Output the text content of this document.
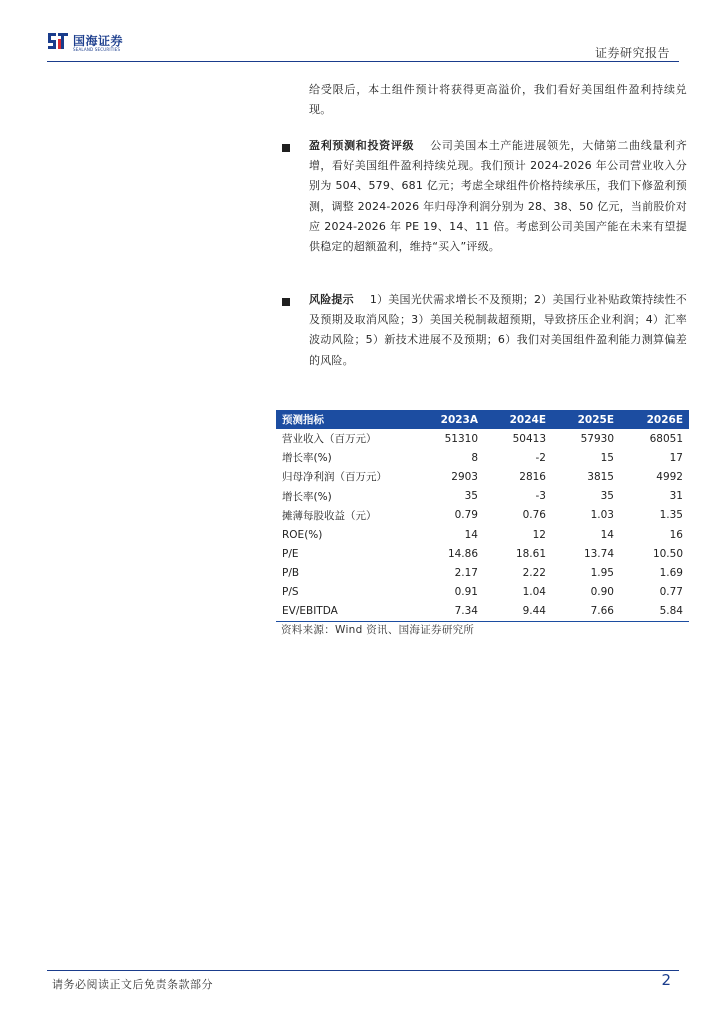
国海证券
SEALAND SECURITIES	证券研究报告
给受限后，本土组件预计将获得更高溢价，我们看好美国组件盈利持续兑现。
盈利预测和投资评级 公司美国本土产能进展领先，大储第二曲线量利齐增，看好美国组件盈利持续兑现。我们预计 2024-2026 年公司营业收入分别为 504、579、681 亿元；考虑全球组件价格持续承压，我们下修盈利预测，调整 2024-2026 年归母净利润分别为 28、38、50 亿元，当前股价对应 2024-2026 年 PE 19、14、11 倍。考虑到公司美国产能在未来有望提供稳定的超额盈利，维持“买入”评级。
风险提示 1）美国光伏需求增长不及预期；2）美国行业补贴政策持续性不及预期及取消风险；3）美国关税制裁超预期，导致挤压企业利润；4）汇率波动风险；5）新技术进展不及预期；6）我们对美国组件盈利能力测算偏差的风险。
预测指标	2023A	2024E	2025E	2026E
营业收入（百万元）	51310	50413	57930	68051
增长率(%)	8	-2	15	17
归母净利润（百万元）	2903	2816	3815	4992
增长率(%)	35	-3	35	31
摊薄每股收益（元）	0.79	0.76	1.03	1.35
ROE(%)	14	12	14	16
P/E	14.86	18.61	13.74	10.50
P/B	2.17	2.22	1.95	1.69
P/S	0.91	1.04	0.90	0.77
EV/EBITDA	7.34	9.44	7.66	5.84
资料来源：Wind 资讯、国海证券研究所
请务必阅读正文后免责条款部分	2
